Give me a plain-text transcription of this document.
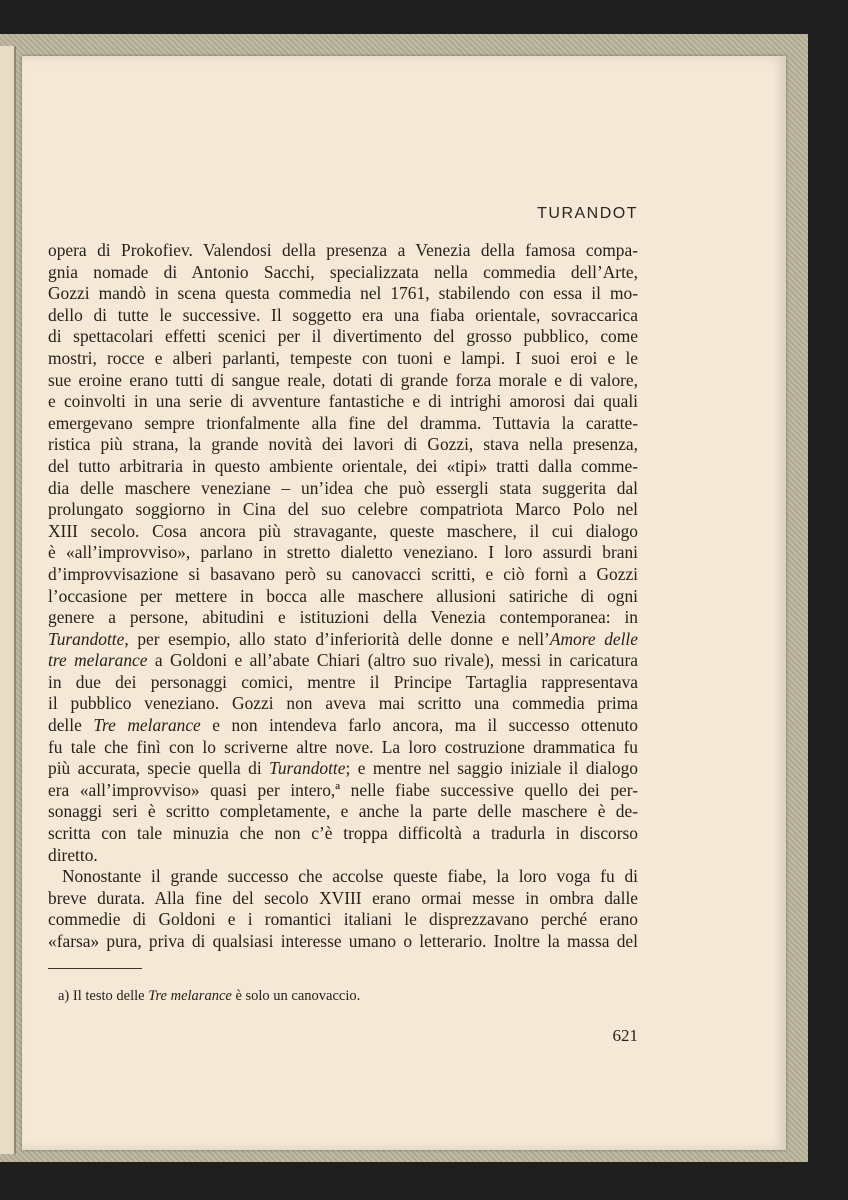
TURANDOT
opera di Prokofiev. Valendosi della presenza a Venezia della famosa compa-
gnia nomade di Antonio Sacchi, specializzata nella commedia dell’Arte,
Gozzi mandò in scena questa commedia nel 1761, stabilendo con essa il mo-
dello di tutte le successive. Il soggetto era una fiaba orientale, sovraccarica
di spettacolari effetti scenici per il divertimento del grosso pubblico, come
mostri, rocce e alberi parlanti, tempeste con tuoni e lampi. I suoi eroi e le
sue eroine erano tutti di sangue reale, dotati di grande forza morale e di valore,
e coinvolti in una serie di avventure fantastiche e di intrighi amorosi dai quali
emergevano sempre trionfalmente alla fine del dramma. Tuttavia la caratte-
ristica più strana, la grande novità dei lavori di Gozzi, stava nella presenza,
del tutto arbitraria in questo ambiente orientale, dei «tipi» tratti dalla comme-
dia delle maschere veneziane – un’idea che può essergli stata suggerita dal
prolungato soggiorno in Cina del suo celebre compatriota Marco Polo nel
XIII secolo. Cosa ancora più stravagante, queste maschere, il cui dialogo
è «all’improvviso», parlano in stretto dialetto veneziano. I loro assurdi brani
d’improvvisazione si basavano però su canovacci scritti, e ciò fornì a Gozzi
l’occasione per mettere in bocca alle maschere allusioni satiriche di ogni
genere a persone, abitudini e istituzioni della Venezia contemporanea: in
Turandotte, per esempio, allo stato d’inferiorità delle donne e nell’Amore delle
tre melarance a Goldoni e all’abate Chiari (altro suo rivale), messi in caricatura
in due dei personaggi comici, mentre il Principe Tartaglia rappresentava
il pubblico veneziano. Gozzi non aveva mai scritto una commedia prima
delle Tre melarance e non intendeva farlo ancora, ma il successo ottenuto
fu tale che finì con lo scriverne altre nove. La loro costruzione drammatica fu
più accurata, specie quella di Turandotte; e mentre nel saggio iniziale il dialogo
era «all’improvviso» quasi per intero,ª nelle fiabe successive quello dei per-
sonaggi seri è scritto completamente, e anche la parte delle maschere è de-
scritta con tale minuzia che non c’è troppa difficoltà a tradurla in discorso
diretto.
Nonostante il grande successo che accolse queste fiabe, la loro voga fu di
breve durata. Alla fine del secolo XVIII erano ormai messe in ombra dalle
commedie di Goldoni e i romantici italiani le disprezzavano perché erano
«farsa» pura, priva di qualsiasi interesse umano o letterario. Inoltre la massa del
a) Il testo delle Tre melarance è solo un canovaccio.
621
